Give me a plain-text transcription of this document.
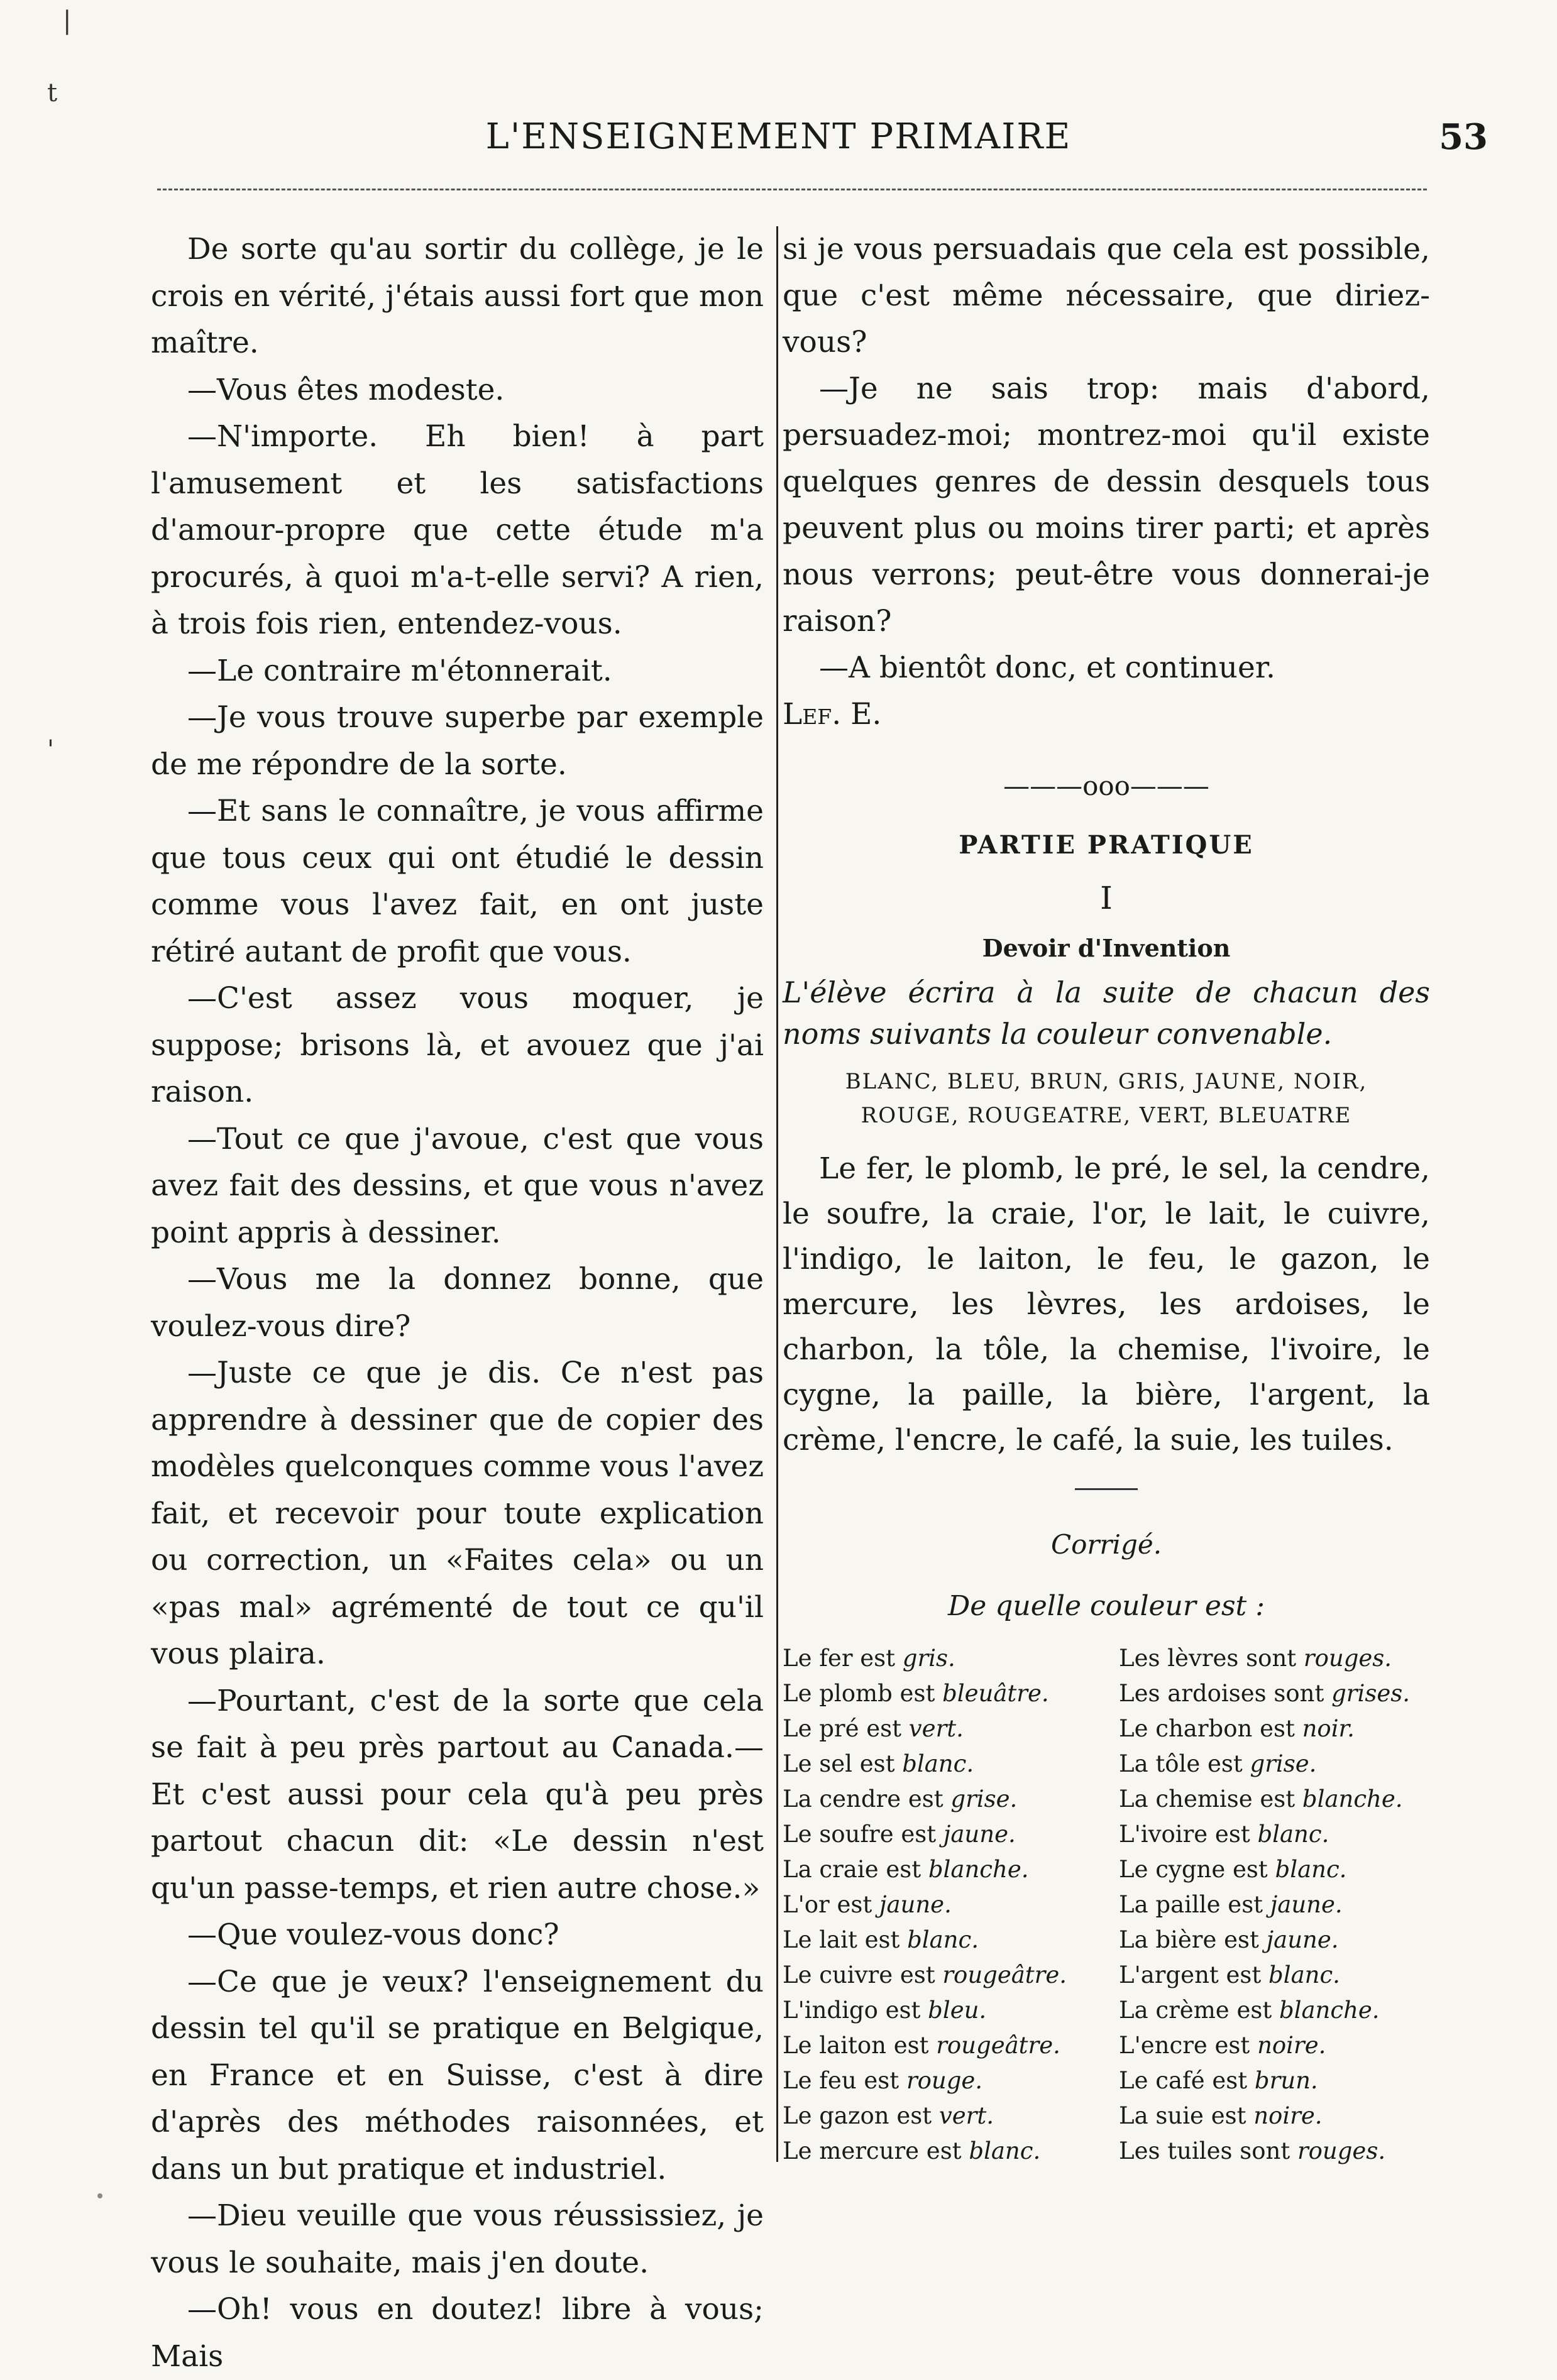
|
t
'
L'ENSEIGNEMENT PRIMAIRE	53

De sorte qu'au sortir du collège, je le crois en vérité, j'étais aussi fort que mon maître.

—Vous êtes modeste.

—N'importe. Eh bien! à part l'amusement et les satisfactions d'amour-propre que cette étude m'a procurés, à quoi m'a-t-elle servi? A rien, à trois fois rien, entendez-vous.

—Le contraire m'étonnerait.

—Je vous trouve superbe par exemple de me répondre de la sorte.

—Et sans le connaître, je vous affirme que tous ceux qui ont étudié le dessin comme vous l'avez fait, en ont juste rétiré autant de profit que vous.

—C'est assez vous moquer, je suppose; brisons là, et avouez que j'ai raison.

—Tout ce que j'avoue, c'est que vous avez fait des dessins, et que vous n'avez point appris à dessiner.

—Vous me la donnez bonne, que voulez-vous dire?

—Juste ce que je dis. Ce n'est pas apprendre à dessiner que de copier des modèles quelconques comme vous l'avez fait, et recevoir pour toute explication ou correction, un «Faites cela» ou un «pas mal» agrémenté de tout ce qu'il vous plaira.

—Pourtant, c'est de la sorte que cela se fait à peu près partout au Canada.—Et c'est aussi pour cela qu'à peu près partout chacun dit: «Le dessin n'est qu'un passe-temps, et rien autre chose.»

—Que voulez-vous donc?

—Ce que je veux? l'enseignement du dessin tel qu'il se pratique en Belgique, en France et en Suisse, c'est à dire d'après des méthodes raisonnées, et dans un but pratique et industriel.

—Dieu veuille que vous réussissiez, je vous le souhaite, mais j'en doute.

—Oh! vous en doutez! libre à vous; Mais

si je vous persuadais que cela est possible, que c'est même nécessaire, que diriez-vous?

—Je ne sais trop: mais d'abord, persuadez-moi; montrez-moi qu'il existe quelques genres de dessin desquels tous peuvent plus ou moins tirer parti; et après nous verrons; peut-être vous donnerai-je raison?

—A bientôt donc, et continuer.

Lef. E.

———ooo———
PARTIE PRATIQUE
I
Devoir d'Invention

L'élève écrira à la suite de chacun des noms suivants la couleur convenable.

BLANC, BLEU, BRUN, GRIS, JAUNE, NOIR,
ROUGE, ROUGEATRE, VERT, BLEUATRE

Le fer, le plomb, le pré, le sel, la cendre, le soufre, la craie, l'or, le lait, le cuivre, l'indigo, le laiton, le feu, le gazon, le mercure, les lèvres, les ardoises, le charbon, la tôle, la chemise, l'ivoire, le cygne, la paille, la bière, l'argent, la crème, l'encre, le café, la suie, les tuiles.

Corrigé.
De quelle couleur est :
Le fer est gris.
Le plomb est bleuâtre.
Le pré est vert.
Le sel est blanc.
La cendre est grise.
Le soufre est jaune.
La craie est blanche.
L'or est jaune.
Le lait est blanc.
Le cuivre est rougeâtre.
L'indigo est bleu.
Le laiton est rougeâtre.
Le feu est rouge.
Le gazon est vert.
Le mercure est blanc.
Les lèvres sont rouges.
Les ardoises sont grises.
Le charbon est noir.
La tôle est grise.
La chemise est blanche.
L'ivoire est blanc.
Le cygne est blanc.
La paille est jaune.
La bière est jaune.
L'argent est blanc.
La crème est blanche.
L'encre est noire.
Le café est brun.
La suie est noire.
Les tuiles sont rouges.
